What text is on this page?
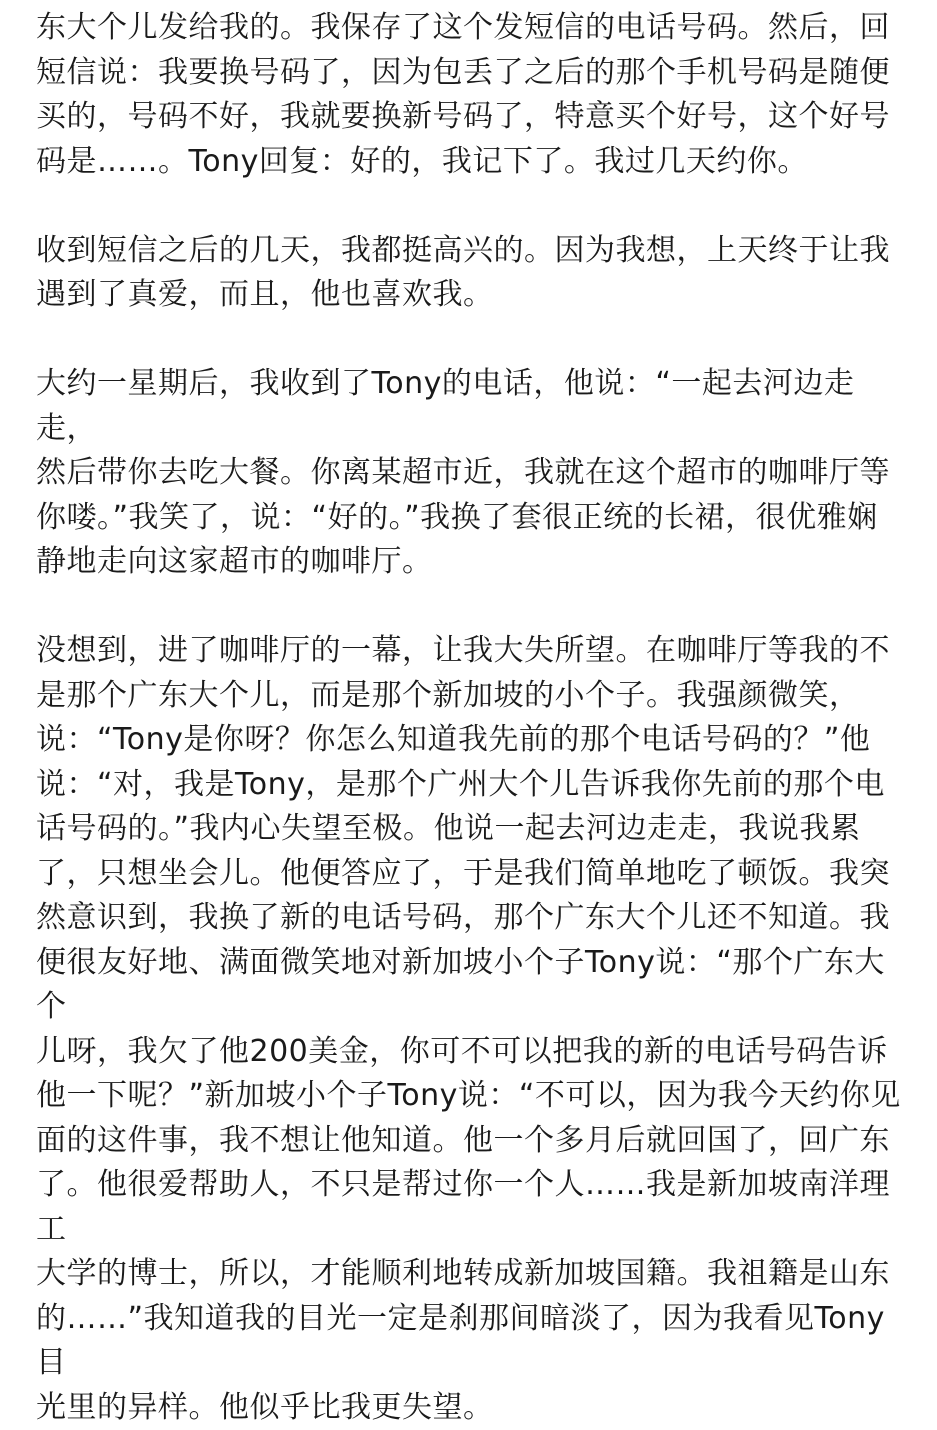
东大个儿发给我的。我保存了这个发短信的电话号码。然后，回
短信说：我要换号码了，因为包丢了之后的那个手机号码是随便
买的，号码不好，我就要换新号码了，特意买个好号，这个好号
码是……。Tony回复：好的，我记下了。我过几天约你。

收到短信之后的几天，我都挺高兴的。因为我想，上天终于让我
遇到了真爱，而且，他也喜欢我。

大约一星期后，我收到了Tony的电话，他说：“一起去河边走走，
然后带你去吃大餐。你离某超市近，我就在这个超市的咖啡厅等
你喽。”我笑了，说：“好的。”我换了套很正统的长裙，很优雅娴
静地走向这家超市的咖啡厅。

没想到，进了咖啡厅的一幕，让我大失所望。在咖啡厅等我的不
是那个广东大个儿，而是那个新加坡的小个子。我强颜微笑，
说：“Tony是你呀？你怎么知道我先前的那个电话号码的？”他
说：“对，我是Tony，是那个广州大个儿告诉我你先前的那个电
话号码的。”我内心失望至极。他说一起去河边走走，我说我累
了，只想坐会儿。他便答应了，于是我们简单地吃了顿饭。我突
然意识到，我换了新的电话号码，那个广东大个儿还不知道。我
便很友好地、满面微笑地对新加坡小个子Tony说：“那个广东大个
儿呀，我欠了他200美金，你可不可以把我的新的电话号码告诉
他一下呢？”新加坡小个子Tony说：“不可以，因为我今天约你见
面的这件事，我不想让他知道。他一个多月后就回国了，回广东
了。他很爱帮助人，不只是帮过你一个人……我是新加坡南洋理工
大学的博士，所以，才能顺利地转成新加坡国籍。我祖籍是山东
的……”我知道我的目光一定是刹那间暗淡了，因为我看见Tony目
光里的异样。他似乎比我更失望。
